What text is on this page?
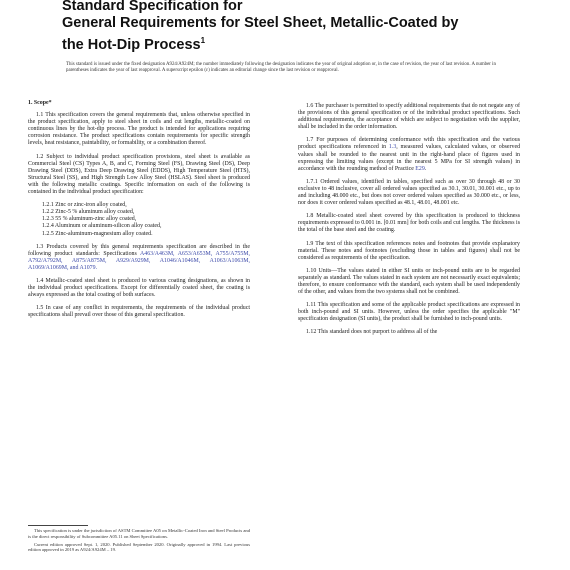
Standard Specification for
General Requirements for Steel Sheet, Metallic-Coated by
the Hot-Dip Process$^1$
This standard is issued under the fixed designation A924/A924M; the number immediately following the designation indicates the year of original adoption or, in the case of revision, the year of last revision. A number in parentheses indicates the year of last reapproval. A superscript epsilon (ε) indicates an editorial change since the last revision or reapproval.
1. Scope*

1.1 This specification covers the general requirements that, unless otherwise specified in the product specification, apply to steel sheet in coils and cut lengths, metallic-coated on continuous lines by the hot-dip process. The product is intended for applications requiring corrosion resistance. The product specifications contain requirements for specific strength levels, heat resistance, paintability, or formability, or a combination thereof.

1.2 Subject to individual product specification provisions, steel sheet is available as Commercial Steel (CS) Types A, B, and C, Forming Steel (FS), Drawing Steel (DS), Deep Drawing Steel (DDS), Extra Deep Drawing Steel (EDDS), High Temperature Steel (HTS), Structural Steel (SS), and High Strength Low Alloy Steel (HSLAS). Steel sheet is produced with the following metallic coatings. Specific information on each of the following is contained in the individual product specification:

1.2.1 Zinc or zinc-iron alloy coated,
1.2.2 Zinc-5 % aluminum alloy coated,
1.2.3 55 % aluminum-zinc alloy coated,
1.2.4 Aluminum or aluminum-silicon alloy coated,
1.2.5 Zinc-aluminum-magnesium alloy coated.

1.3 Products covered by this general requirements specification are described in the following product standards: Specifications A463/A463M, A653/A653M, A755/A755M, A792/A792M, A875/A875M, A929/A929M, A1046/A1046M, A1063/A1063M, A1069/A1069M, and A1079.

1.4 Metallic-coated steel sheet is produced to various coating designations, as shown in the individual product specifications. Except for differentially coated sheet, the coating is always expressed as the total coating of both surfaces.

1.5 In case of any conflict in requirements, the requirements of the individual product specifications shall prevail over those of this general specification.

This specification is under the jurisdiction of ASTM Committee A05 on Metallic-Coated Iron and Steel Products and is the direct responsibility of Subcommittee A05.11 on Sheet Specifications.

Current edition approved Sept. 1, 2020. Published September 2020. Originally approved in 1994. Last previous edition approved in 2019 as A924/A924M – 19.

1.6 The purchaser is permitted to specify additional requirements that do not negate any of the provisions of this general specification or of the individual product specifications. Such additional requirements, the acceptance of which are subject to negotiation with the supplier, shall be included in the order information.

1.7 For purposes of determining conformance with this specification and the various product specifications referenced in 1.3, measured values, calculated values, or observed values shall be rounded to the nearest unit in the right-hand place of figures used in expressing the limiting values (except in the nearest 5 MPa for SI strength values) in accordance with the rounding method of Practice E29.

1.7.1 Ordered values, identified in tables, specified such as over 30 through 48 or 30 exclusive to 48 inclusive, cover all ordered values specified as 30.1, 30.01, 30.001 etc., up to and including 48.000 etc., but does not cover ordered values specified as 30.000 etc., or less, nor does it cover ordered values specified as 48.1, 48.01, 48.001 etc.

1.8 Metallic-coated steel sheet covered by this specification is produced to thickness requirements expressed to 0.001 in. [0.01 mm] for both coils and cut lengths. The thickness is the total of the base steel and the coating.

1.9 The text of this specification references notes and footnotes that provide explanatory material. These notes and footnotes (excluding those in tables and figures) shall not be considered as requirements of the specification.

1.10 Units—The values stated in either SI units or inch-pound units are to be regarded separately as standard. The values stated in each system are not necessarily exact equivalents; therefore, to ensure conformance with the standard, each system shall be used independently of the other, and values from the two systems shall not be combined.

1.11 This specification and some of the applicable product specifications are expressed in both inch-pound and SI units. However, unless the order specifies the applicable "M" specification designation (SI units), the product shall be furnished to inch-pound units.

1.12 This standard does not purport to address all of the
